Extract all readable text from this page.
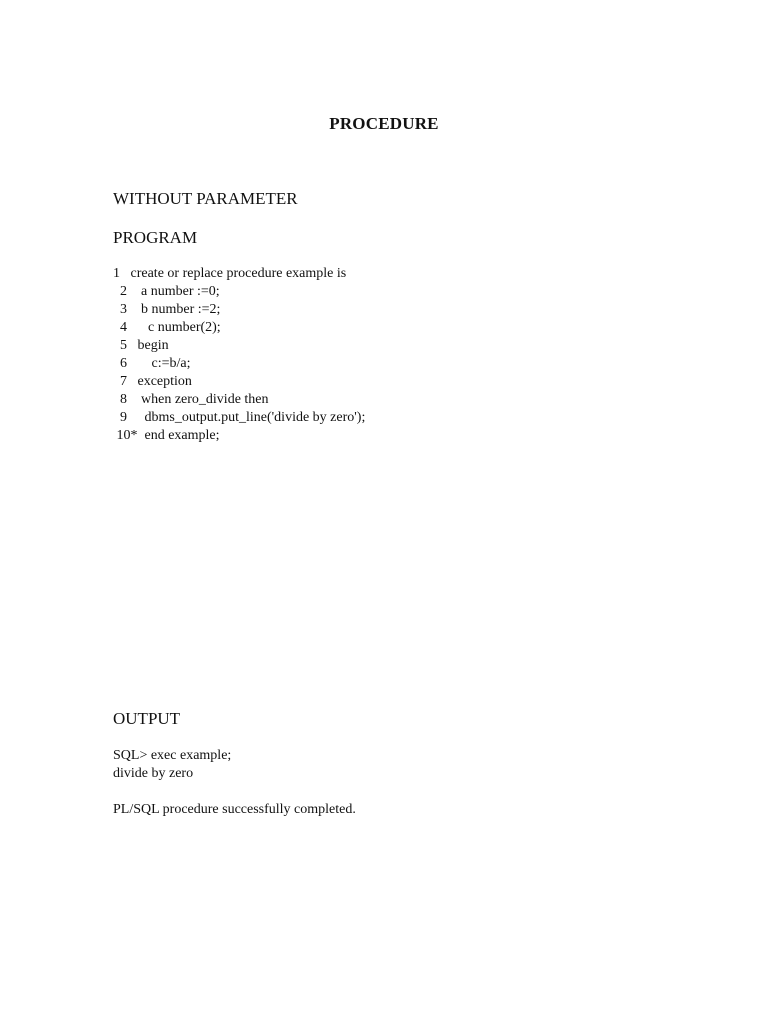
PROCEDURE
WITHOUT PARAMETER
PROGRAM
1   create or replace procedure example is
2    a number :=0;
3    b number :=2;
4      c number(2);
5   begin
6       c:=b/a;
7   exception
8    when zero_divide then
9     dbms_output.put_line('divide by zero');
10*  end example;
OUTPUT
SQL> exec example;
divide by zero
PL/SQL procedure successfully completed.
